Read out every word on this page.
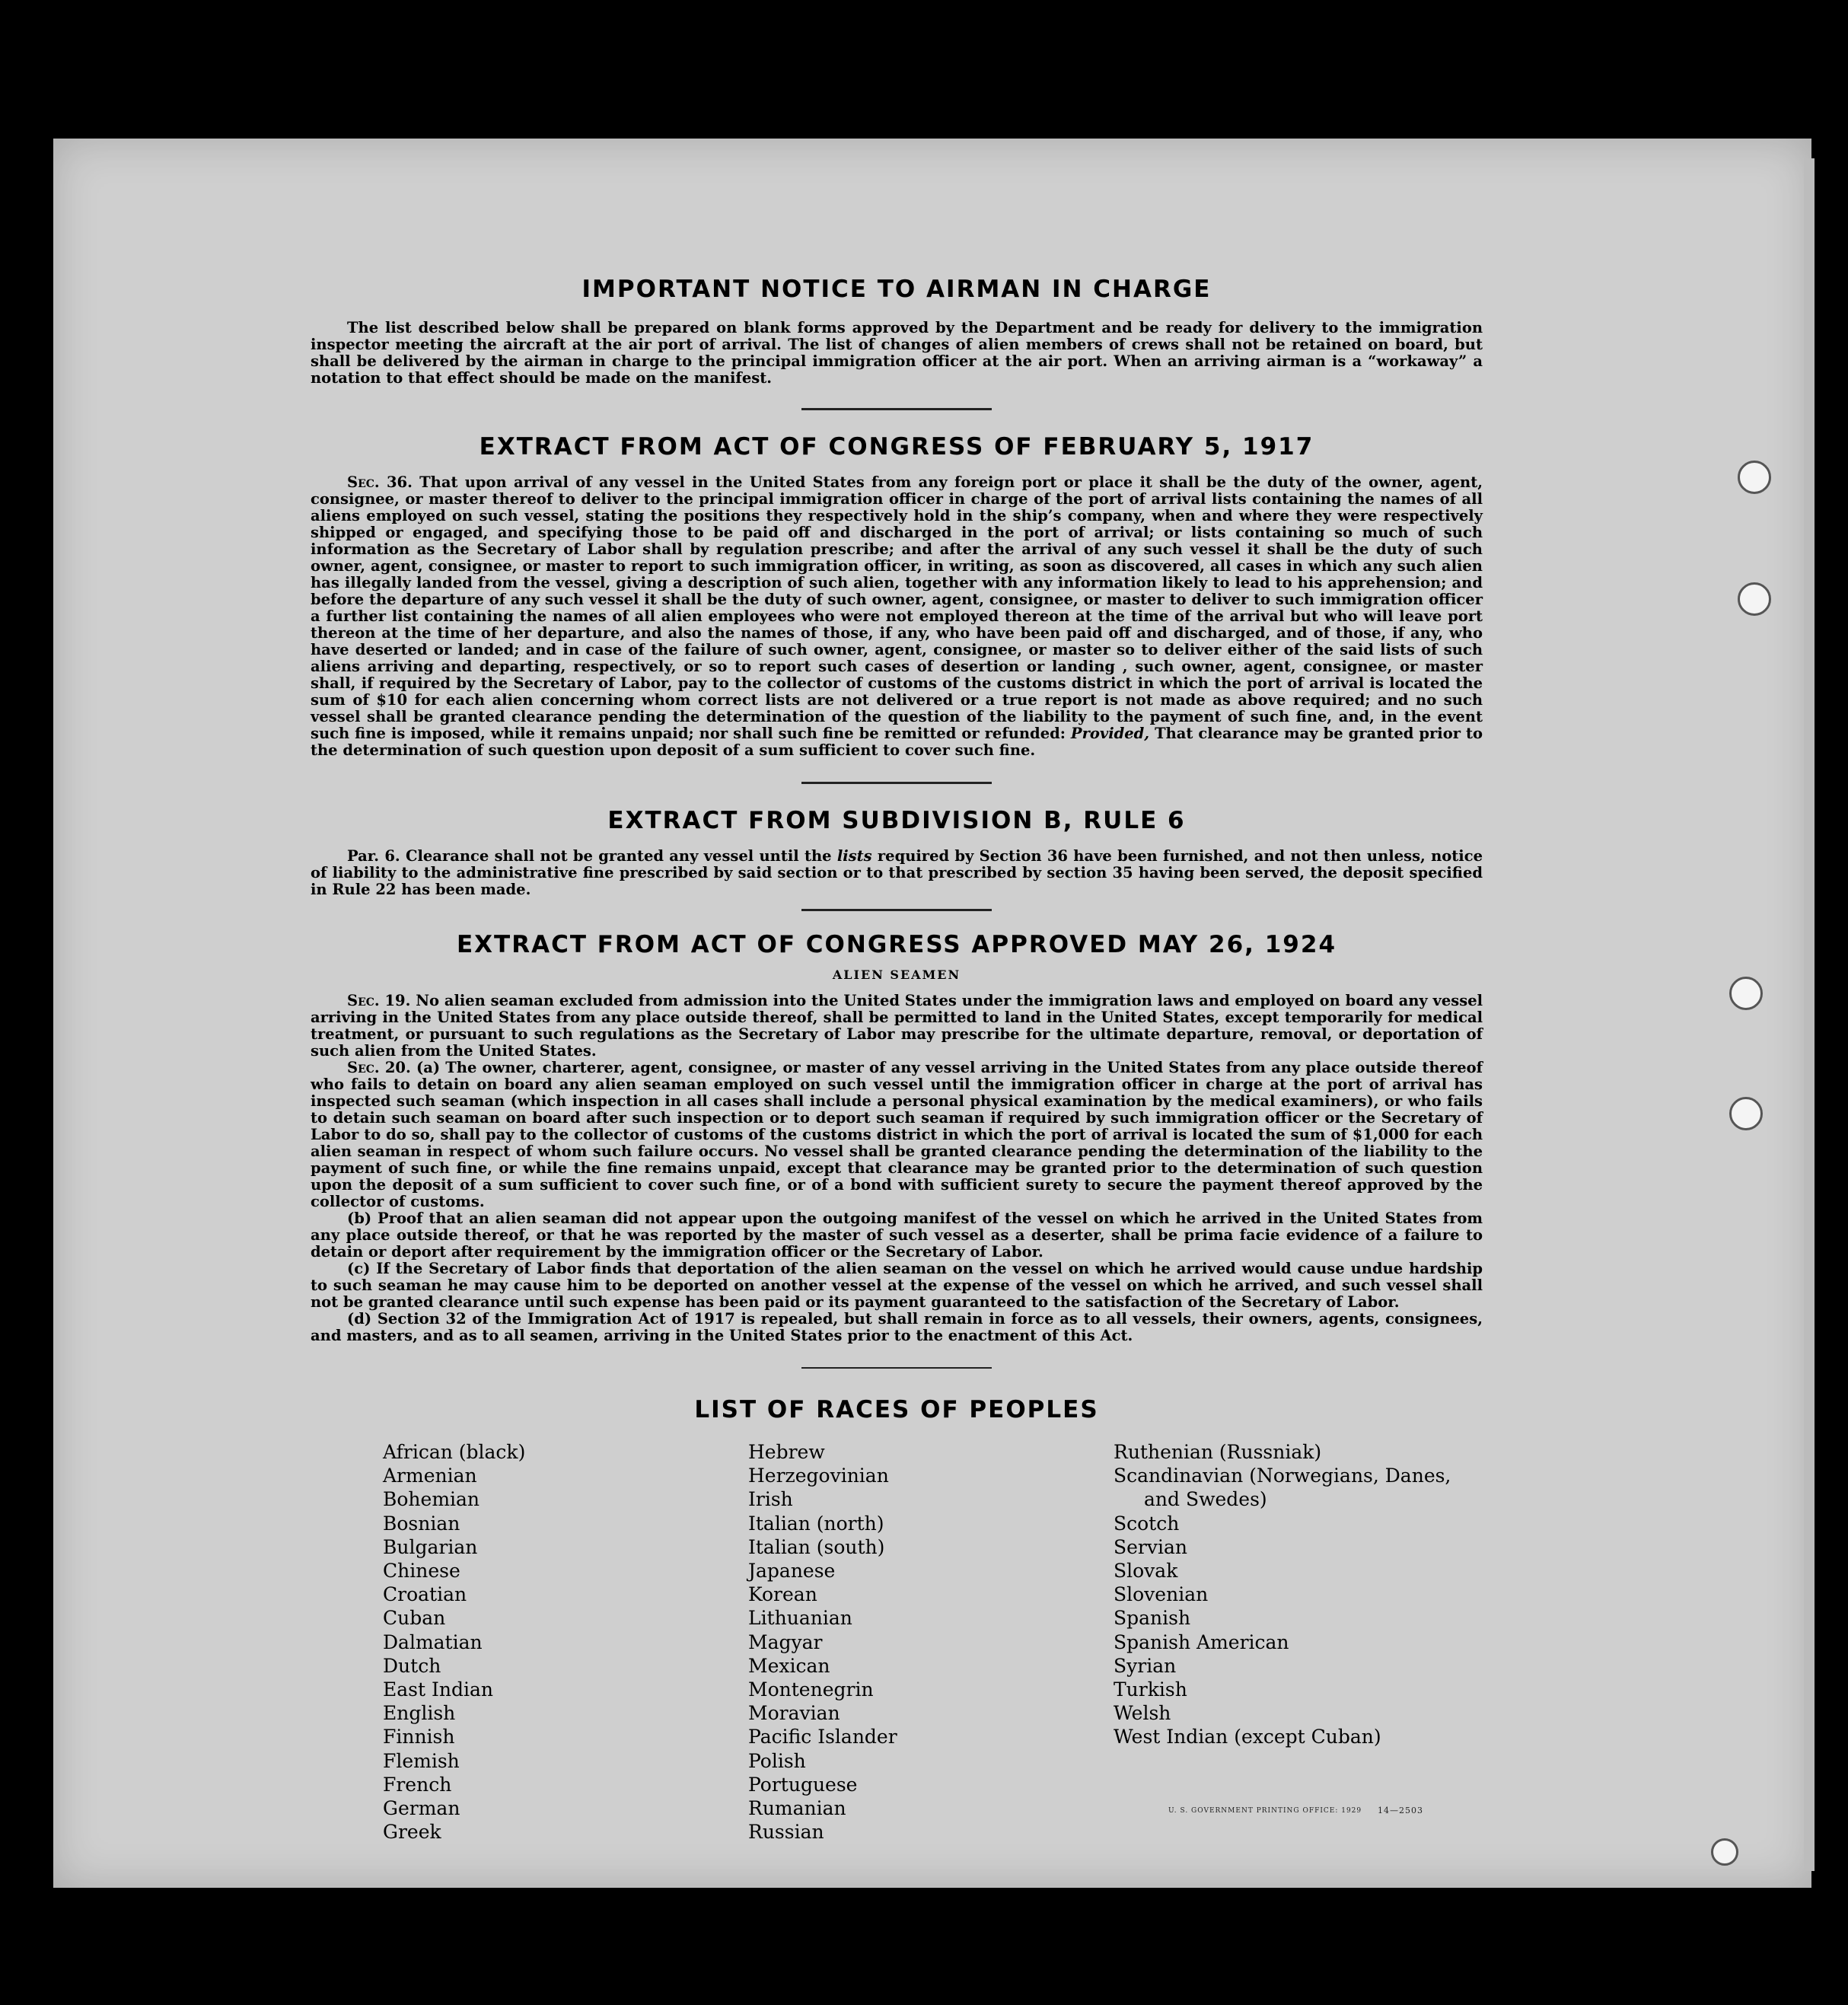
IMPORTANT NOTICE TO AIRMAN IN CHARGE

The list described below shall be prepared on blank forms approved by the Department and be ready for delivery to the immigration inspector meeting the aircraft at the air port of arrival. The list of changes of alien members of crews shall not be retained on board, but shall be delivered by the airman in charge to the principal immigration officer at the air port. When an arriving airman is a “workaway” a notation to that effect should be made on the manifest.

EXTRACT FROM ACT OF CONGRESS OF FEBRUARY 5, 1917

Sec. 36. That upon arrival of any vessel in the United States from any foreign port or place it shall be the duty of the owner, agent, consignee, or master thereof to deliver to the principal immigration officer in charge of the port of arrival lists containing the names of all aliens employed on such vessel, stating the positions they respectively hold in the ship’s company, when and where they were respectively shipped or engaged, and specifying those to be paid off and discharged in the port of arrival; or lists containing so much of such information as the Secretary of Labor shall by regulation prescribe; and after the arrival of any such vessel it shall be the duty of such owner, agent, consignee, or master to report to such immigration officer, in writing, as soon as discovered, all cases in which any such alien has illegally landed from the vessel, giving a description of such alien, together with any information likely to lead to his apprehension; and before the departure of any such vessel it shall be the duty of such owner, agent, consignee, or master to deliver to such immigration officer a further list containing the names of all alien employees who were not employed thereon at the time of the arrival but who will leave port thereon at the time of her departure, and also the names of those, if any, who have been paid off and discharged, and of those, if any, who have deserted or landed; and in case of the failure of such owner, agent, consignee, or master so to deliver either of the said lists of such aliens arriving and departing, respectively, or so to report such cases of desertion or landing , such owner, agent, consignee, or master shall, if required by the Secretary of Labor, pay to the collector of customs of the customs district in which the port of arrival is located the sum of $10 for each alien concerning whom correct lists are not delivered or a true report is not made as above required; and no such vessel shall be granted clearance pending the determination of the question of the liability to the payment of such fine, and, in the event such fine is imposed, while it remains unpaid; nor shall such fine be remitted or refunded: Provided, That clearance may be granted prior to the determination of such question upon deposit of a sum sufficient to cover such fine.

EXTRACT FROM SUBDIVISION B, RULE 6

Par. 6. Clearance shall not be granted any vessel until the lists required by Section 36 have been furnished, and not then unless, notice of liability to the administrative fine prescribed by said section or to that prescribed by section 35 having been served, the deposit specified in Rule 22 has been made.

EXTRACT FROM ACT OF CONGRESS APPROVED MAY 26, 1924
ALIEN SEAMEN

Sec. 19. No alien seaman excluded from admission into the United States under the immigration laws and employed on board any vessel arriving in the United States from any place outside thereof, shall be permitted to land in the United States, except temporarily for medical treatment, or pursuant to such regulations as the Secretary of Labor may prescribe for the ultimate departure, removal, or deportation of such alien from the United States.

Sec. 20. (a) The owner, charterer, agent, consignee, or master of any vessel arriving in the United States from any place outside thereof who fails to detain on board any alien seaman employed on such vessel until the immigration officer in charge at the port of arrival has inspected such seaman (which inspection in all cases shall include a personal physical examination by the medical examiners), or who fails to detain such seaman on board after such inspection or to deport such seaman if required by such immigration officer or the Secretary of Labor to do so, shall pay to the collector of customs of the customs district in which the port of arrival is located the sum of $1,000 for each alien seaman in respect of whom such failure occurs. No vessel shall be granted clearance pending the determination of the liability to the payment of such fine, or while the fine remains unpaid, except that clearance may be granted prior to the determination of such question upon the deposit of a sum sufficient to cover such fine, or of a bond with sufficient surety to secure the payment thereof approved by the collector of customs.

(b) Proof that an alien seaman did not appear upon the outgoing manifest of the vessel on which he arrived in the United States from any place outside thereof, or that he was reported by the master of such vessel as a deserter, shall be prima facie evidence of a failure to detain or deport after requirement by the immigration officer or the Secretary of Labor.

(c) If the Secretary of Labor finds that deportation of the alien seaman on the vessel on which he arrived would cause undue hardship to such seaman he may cause him to be deported on another vessel at the expense of the vessel on which he arrived, and such vessel shall not be granted clearance until such expense has been paid or its payment guaranteed to the satisfaction of the Secretary of Labor.

(d) Section 32 of the Immigration Act of 1917 is repealed, but shall remain in force as to all vessels, their owners, agents, consignees, and masters, and as to all seamen, arriving in the United States prior to the enactment of this Act.

LIST OF RACES OF PEOPLES
African (black)
Armenian
Bohemian
Bosnian
Bulgarian
Chinese
Croatian
Cuban
Dalmatian
Dutch
East Indian
English
Finnish
Flemish
French
German
Greek
Hebrew
Herzegovinian
Irish
Italian (north)
Italian (south)
Japanese
Korean
Lithuanian
Magyar
Mexican
Montenegrin
Moravian
Pacific Islander
Polish
Portuguese
Rumanian
Russian
Ruthenian (Russniak)
Scandinavian (Norwegians, Danes,
and Swedes)
Scotch
Servian
Slovak
Slovenian
Spanish
Spanish American
Syrian
Turkish
Welsh
West Indian (except Cuban)
U. S. GOVERNMENT PRINTING OFFICE: 1929 14—2503
